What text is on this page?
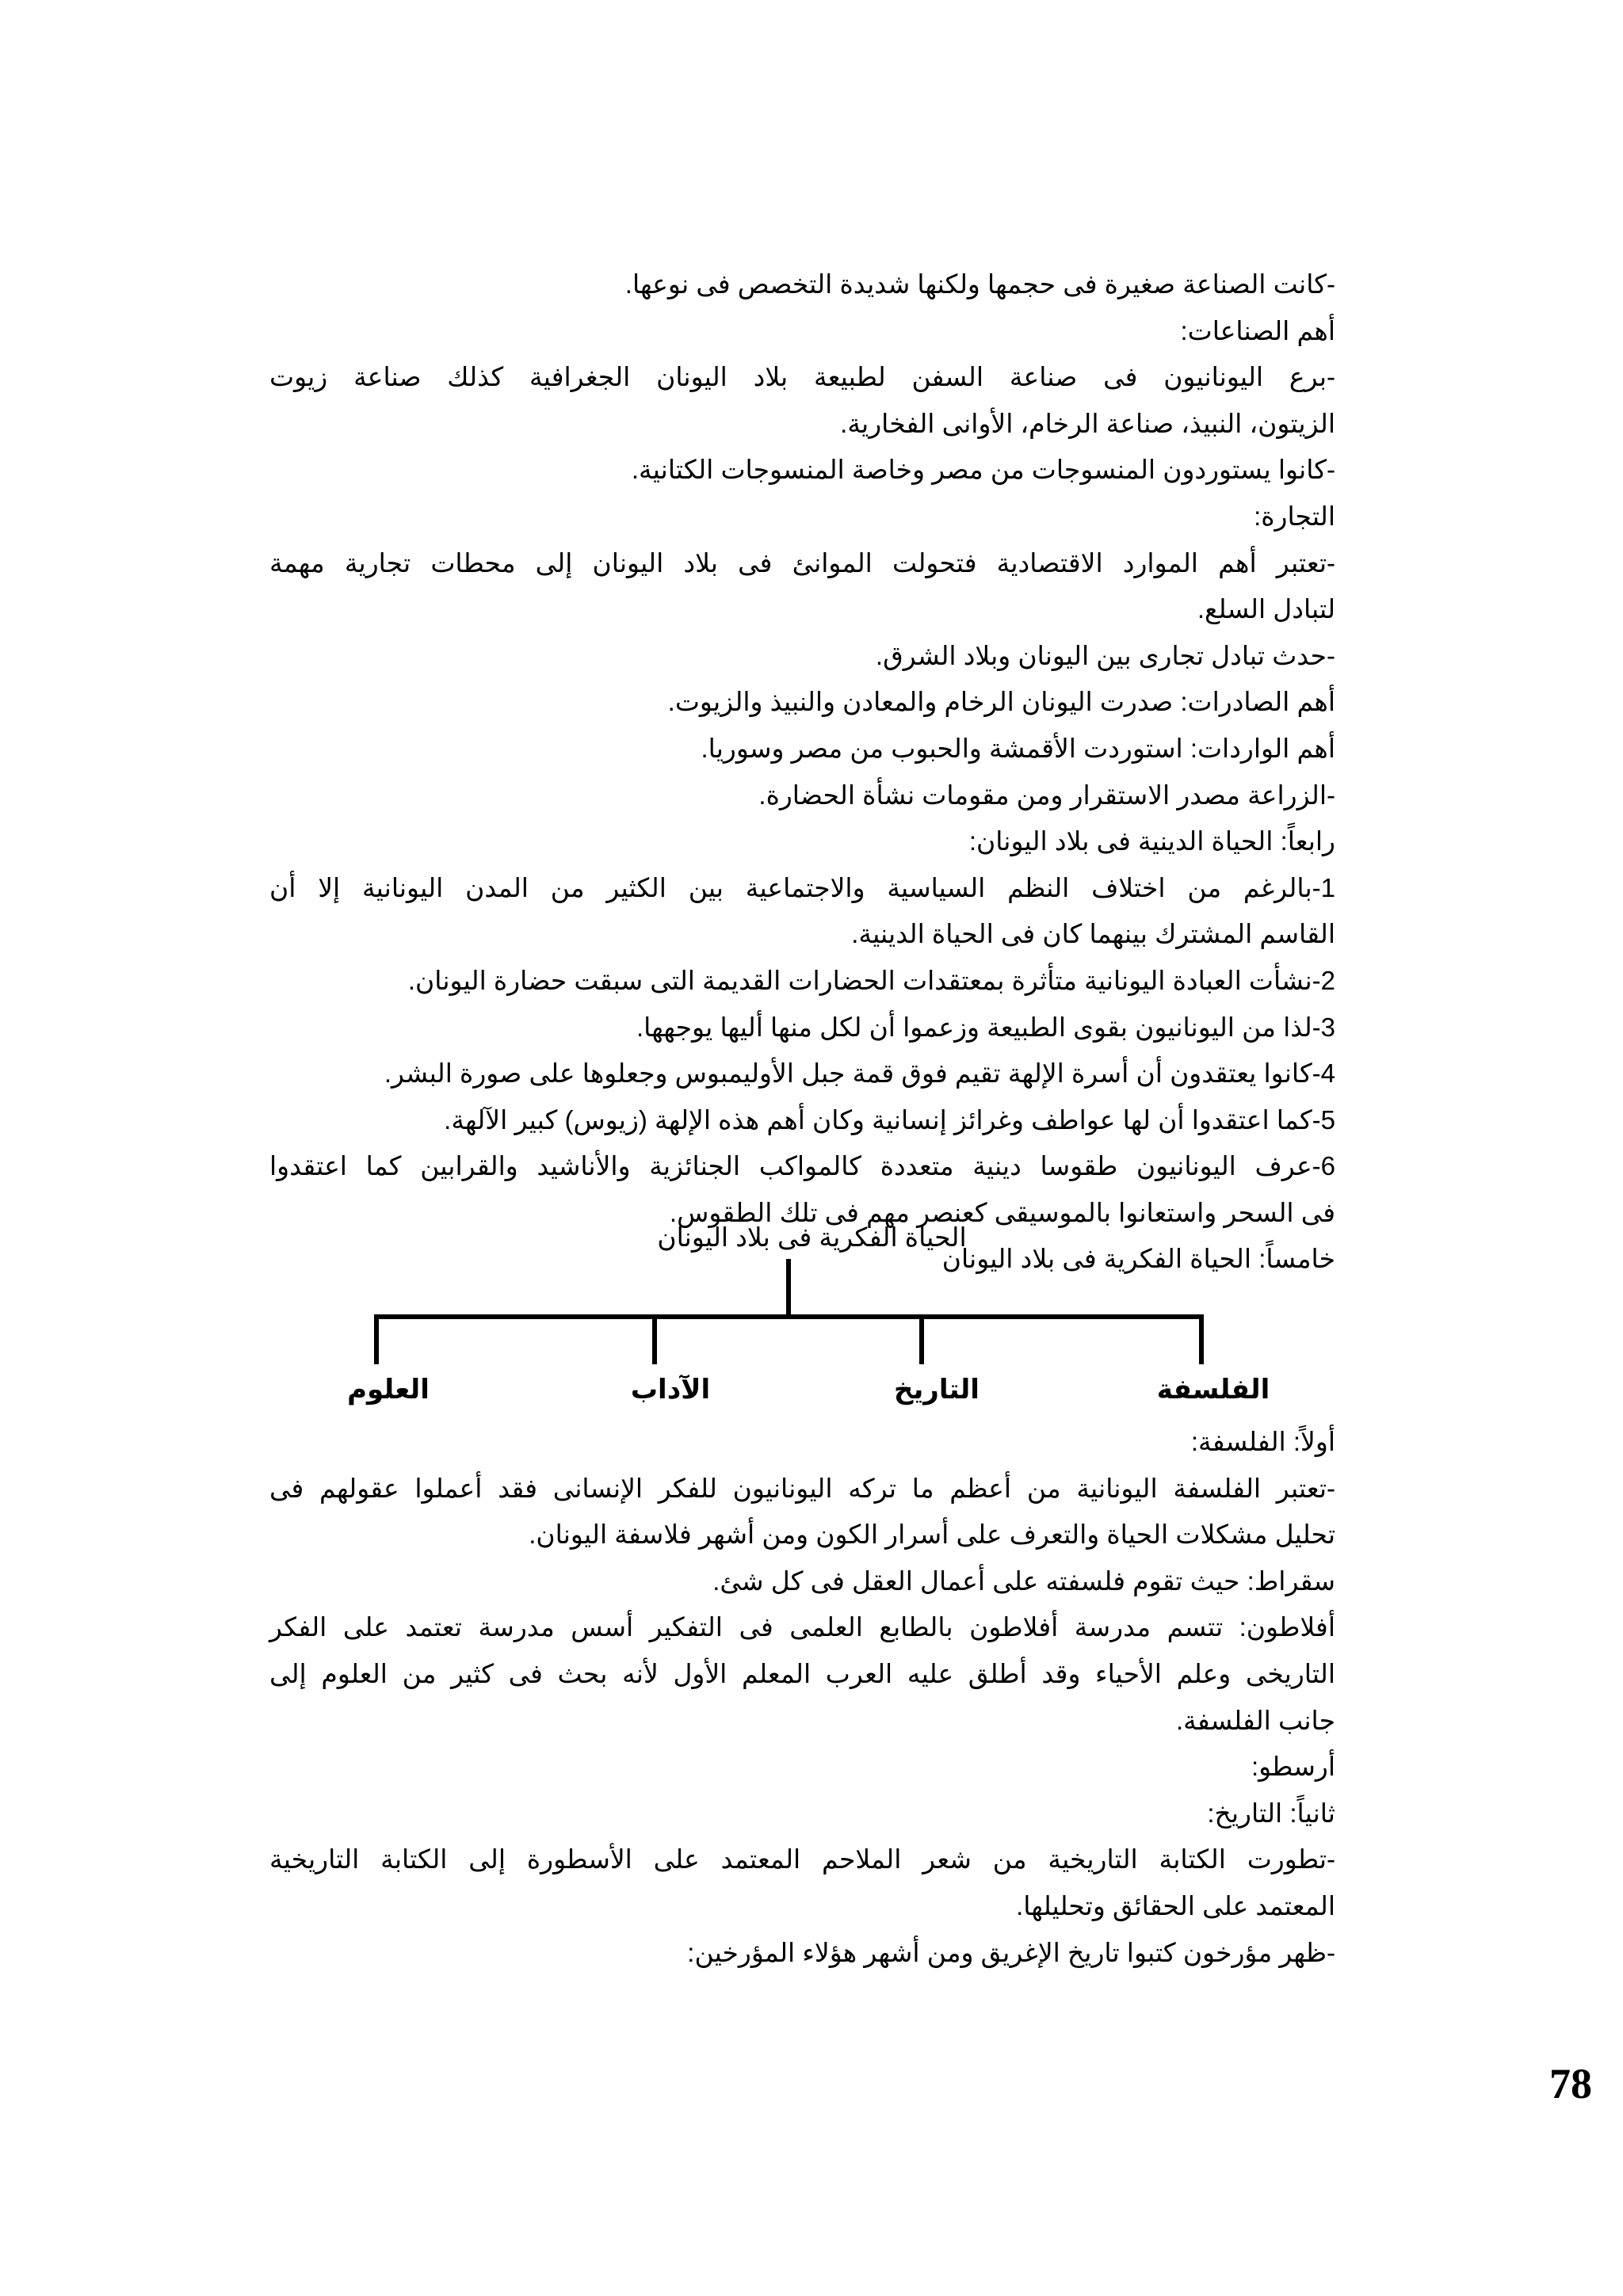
-كانت الصناعة صغيرة فى حجمها ولكنها شديدة التخصص فى نوعها.
أهم الصناعات:
-برع اليونانيون فى صناعة السفن لطبيعة بلاد اليونان الجغرافية كذلك صناعة زيوت
الزيتون، النبيذ، صناعة الرخام، الأوانى الفخارية.
-كانوا يستوردون المنسوجات من مصر وخاصة المنسوجات الكتانية.
التجارة:
-تعتبر أهم الموارد الاقتصادية فتحولت الموانئ فى بلاد اليونان إلى محطات تجارية مهمة
لتبادل السلع.
-حدث تبادل تجارى بين اليونان وبلاد الشرق.
أهم الصادرات: صدرت اليونان الرخام والمعادن والنبيذ والزيوت.
أهم الواردات: استوردت الأقمشة والحبوب من مصر وسوريا.
-الزراعة مصدر الاستقرار ومن مقومات نشأة الحضارة.
رابعاً: الحياة الدينية فى بلاد اليونان:
1-بالرغم من اختلاف النظم السياسية والاجتماعية بين الكثير من المدن اليونانية إلا أن
القاسم المشترك بينهما كان فى الحياة الدينية.
2-نشأت العبادة اليونانية متأثرة بمعتقدات الحضارات القديمة التى سبقت حضارة اليونان.
3-لذا من اليونانيون بقوى الطبيعة وزعموا أن لكل منها أليها يوجهها.
4-كانوا يعتقدون أن أسرة الإلهة تقيم فوق قمة جبل الأوليمبوس وجعلوها على صورة البشر.
5-كما اعتقدوا أن لها عواطف وغرائز إنسانية وكان أهم هذه الإلهة (زيوس) كبير الآلهة.
6-عرف اليونانيون طقوسا دينية متعددة كالمواكب الجنائزية والأناشيد والقرابين كما اعتقدوا
فى السحر واستعانوا بالموسيقى كعنصر مهم فى تلك الطقوس.
خامساً: الحياة الفكرية فى بلاد اليونان
الحياة الفكرية فى بلاد اليونان
الفلسفة
التاريخ
الآداب
العلوم
أولاً: الفلسفة:
-تعتبر الفلسفة اليونانية من أعظم ما تركه اليونانيون للفكر الإنسانى فقد أعملوا عقولهم فى
تحليل مشكلات الحياة والتعرف على أسرار الكون ومن أشهر فلاسفة اليونان.
سقراط: حيث تقوم فلسفته على أعمال العقل فى كل شئ.
أفلاطون: تتسم مدرسة أفلاطون بالطابع العلمى فى التفكير أسس مدرسة تعتمد على الفكر
التاريخى وعلم الأحياء وقد أطلق عليه العرب المعلم الأول لأنه بحث فى كثير من العلوم إلى
جانب الفلسفة.
أرسطو:
ثانياً: التاريخ:
-تطورت الكتابة التاريخية من شعر الملاحم المعتمد على الأسطورة إلى الكتابة التاريخية
المعتمد على الحقائق وتحليلها.
-ظهر مؤرخون كتبوا تاريخ الإغريق ومن أشهر هؤلاء المؤرخين:
78
